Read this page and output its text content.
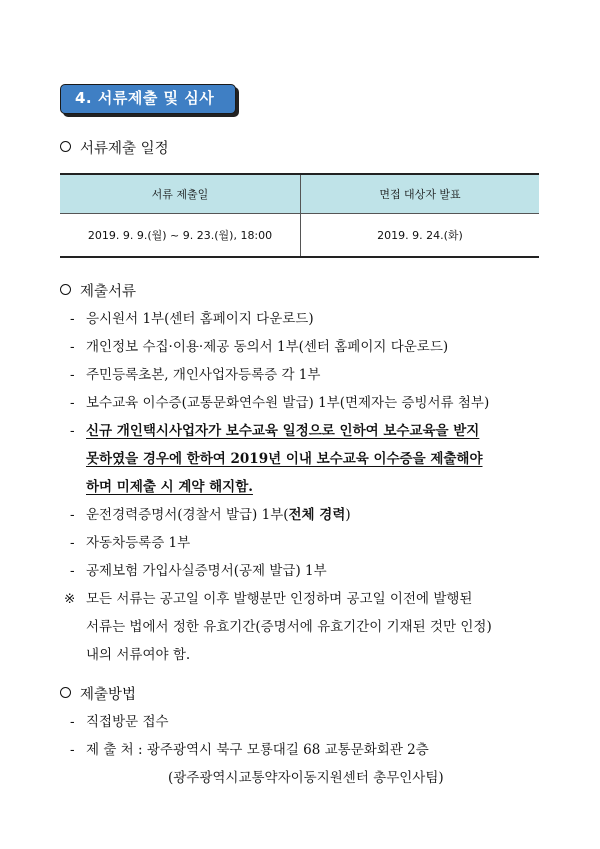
4. 서류제출 및 심사
서류제출 일정
서류 제출일	면접 대상자 발표
2019. 9. 9.(월) ~ 9. 23.(월), 18:00	2019. 9. 24.(화)
제출서류
- 응시원서 1부(센터 홈페이지 다운로드)
- 개인정보 수집·이용·제공 동의서 1부(센터 홈페이지 다운로드)
- 주민등록초본, 개인사업자등록증 각 1부
- 보수교육 이수증(교통문화연수원 발급) 1부(면제자는 증빙서류 첨부)
- 신규 개인택시사업자가 보수교육 일정으로 인하여 보수교육을 받지
못하였을 경우에 한하여 2019년 이내 보수교육 이수증을 제출해야
하며 미제출 시 계약 해지함.
- 운전경력증명서(경찰서 발급) 1부(전체 경력)
- 자동차등록증 1부
- 공제보험 가입사실증명서(공제 발급) 1부
※ 모든 서류는 공고일 이후 발행분만 인정하며 공고일 이전에 발행된
서류는 법에서 정한 유효기간(증명서에 유효기간이 기재된 것만 인정)
내의 서류여야 함.
제출방법
- 직접방문 접수
- 제 출 처 : 광주광역시 북구 모룡대길 68 교통문화회관 2층
(광주광역시교통약자이동지원센터 총무인사팀)
